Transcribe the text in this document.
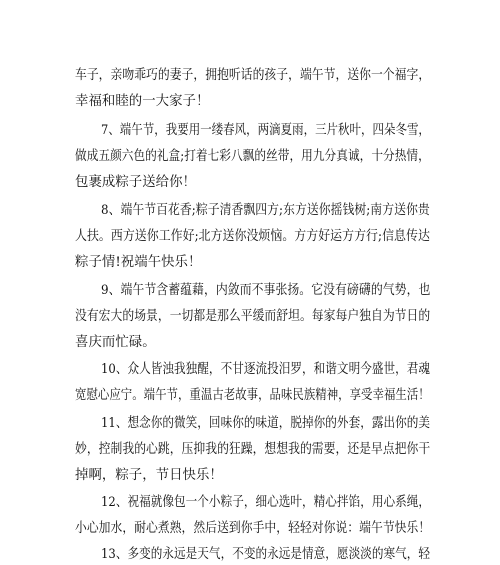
车子，亲吻乖巧的妻子，拥抱听话的孩子，端午节，送你一个福字，
幸福和睦的一大家子！
7、端午节，我要用一缕春风，两滴夏雨，三片秋叶，四朵冬雪，
做成五颜六色的礼盒;打着七彩八飘的丝带，用九分真诚，十分热情，
包裹成粽子送给你！
8、端午节百花香;粽子清香飘四方;东方送你摇钱树;南方送你贵
人扶。西方送你工作好;北方送你没烦恼。方方好运方方行;信息传达
粽子情!祝端午快乐！
9、端午节含蓄蕴藉，内敛而不事张扬。它没有磅礴的气势，也
没有宏大的场景，一切都是那么平缓而舒坦。每家每户独自为节日的
喜庆而忙碌。
10、众人皆浊我独醒，不甘逐流投汨罗，和谐文明今盛世，君魂
宽慰心应宁。端午节，重温古老故事，品味民族精神，享受幸福生活！
11、想念你的微笑，回味你的味道，脱掉你的外套，露出你的美
妙，控制我的心跳，压抑我的狂躁，想想我的需要，还是早点把你干
掉啊，粽子，节日快乐！
12、祝福就像包一个小粽子，细心选叶，精心拌馅，用心系绳，
小心加水，耐心煮熟，然后送到你手中，轻轻对你说：端午节快乐！
13、多变的永远是天气，不变的永远是情意，愿淡淡的寒气，轻
